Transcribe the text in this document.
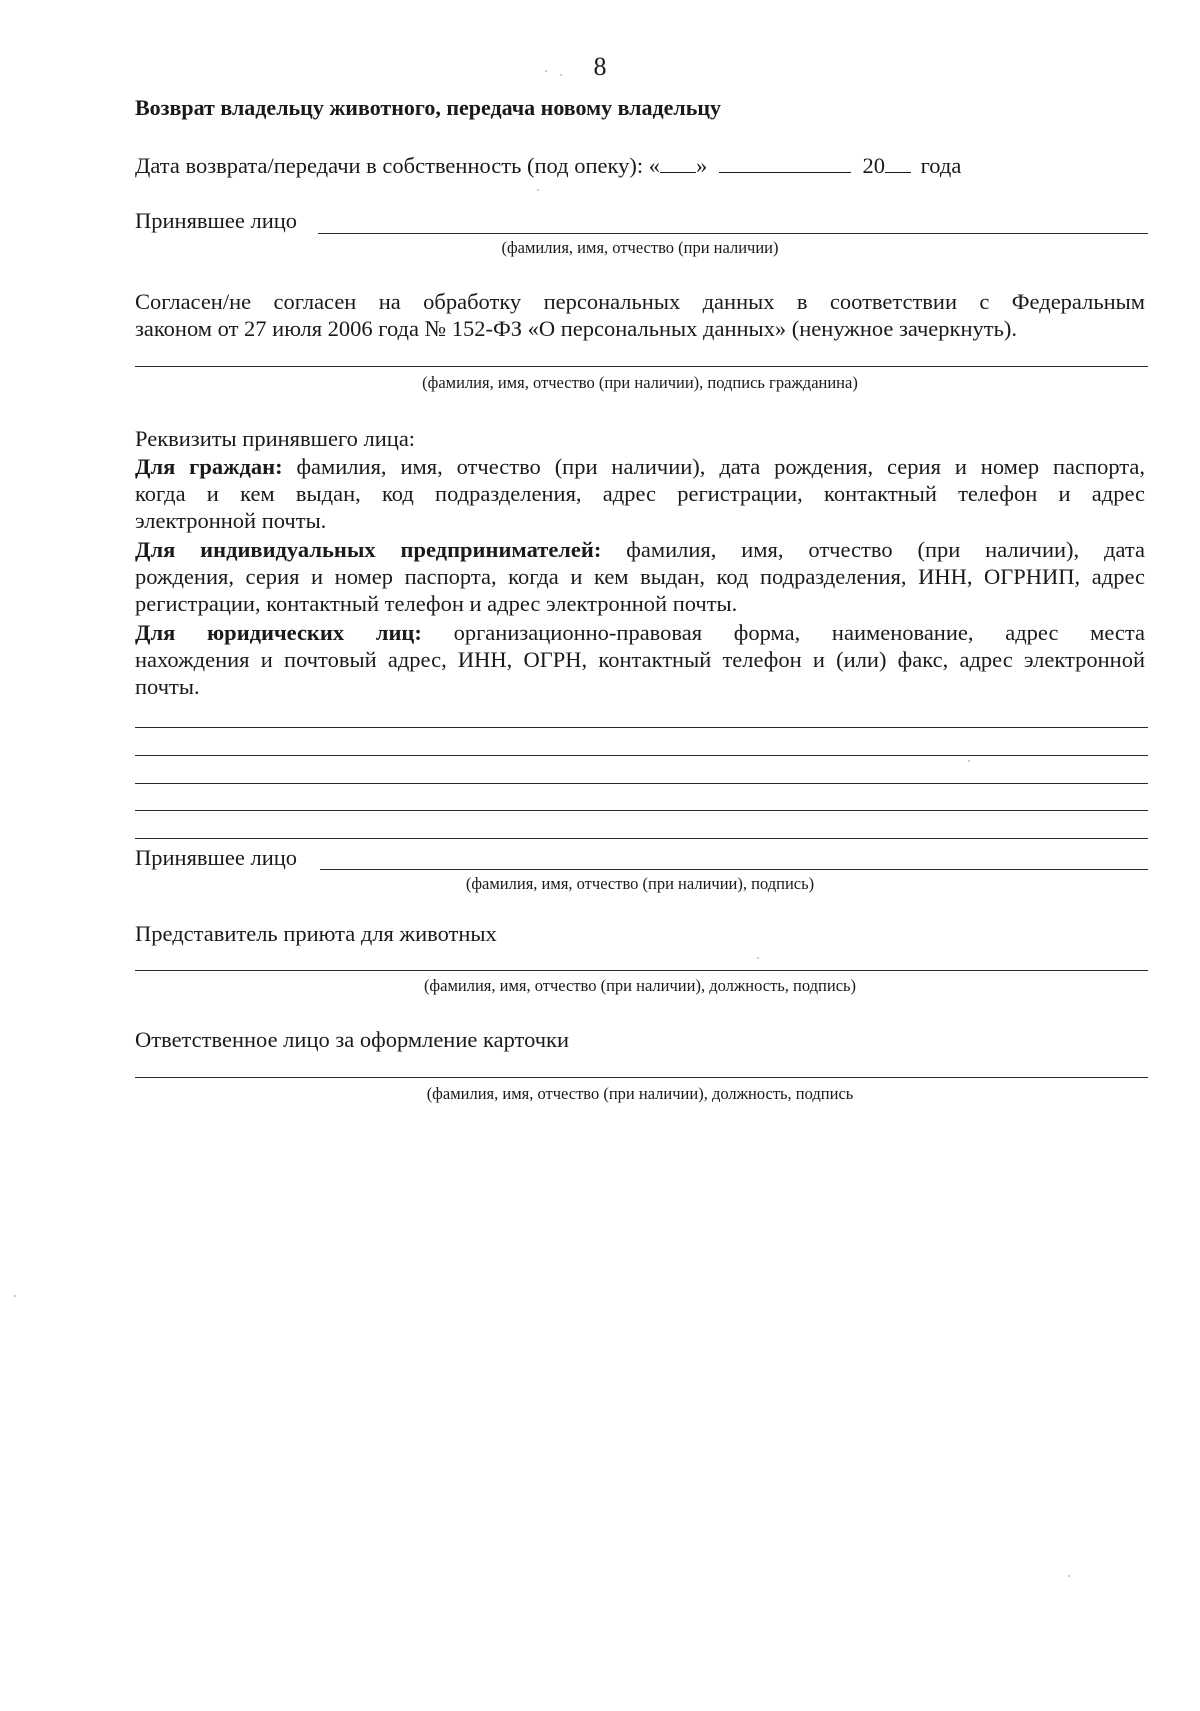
8
Возврат владельцу животного, передача новому владельцу
Дата возврата/передачи в собственность (под опеку): « »	20 года
Принявшее лицо
(фамилия, имя, отчество (при наличии)
Согласен/не согласен на обработку персональных данных в соответствии с Федеральным
законом от 27 июля 2006 года № 152-ФЗ «О персональных данных» (ненужное зачеркнуть).
(фамилия, имя, отчество (при наличии), подпись гражданина)
Реквизиты принявшего лица:
Для граждан: фамилия, имя, отчество (при наличии), дата рождения, серия и номер паспорта,
когда и кем выдан, код подразделения, адрес регистрации, контактный телефон и адрес
электронной почты.
Для индивидуальных предпринимателей: фамилия, имя, отчество (при наличии), дата
рождения, серия и номер паспорта, когда и кем выдан, код подразделения, ИНН, ОГРНИП, адрес
регистрации, контактный телефон и адрес электронной почты.
Для юридических лиц: организационно-правовая форма, наименование, адрес места
нахождения и почтовый адрес, ИНН, ОГРН, контактный телефон и (или) факс, адрес электронной
почты.
Принявшее лицо
(фамилия, имя, отчество (при наличии), подпись)
Представитель приюта для животных
(фамилия, имя, отчество (при наличии), должность, подпись)
Ответственное лицо за оформление карточки
(фамилия, имя, отчество (при наличии), должность, подпись
